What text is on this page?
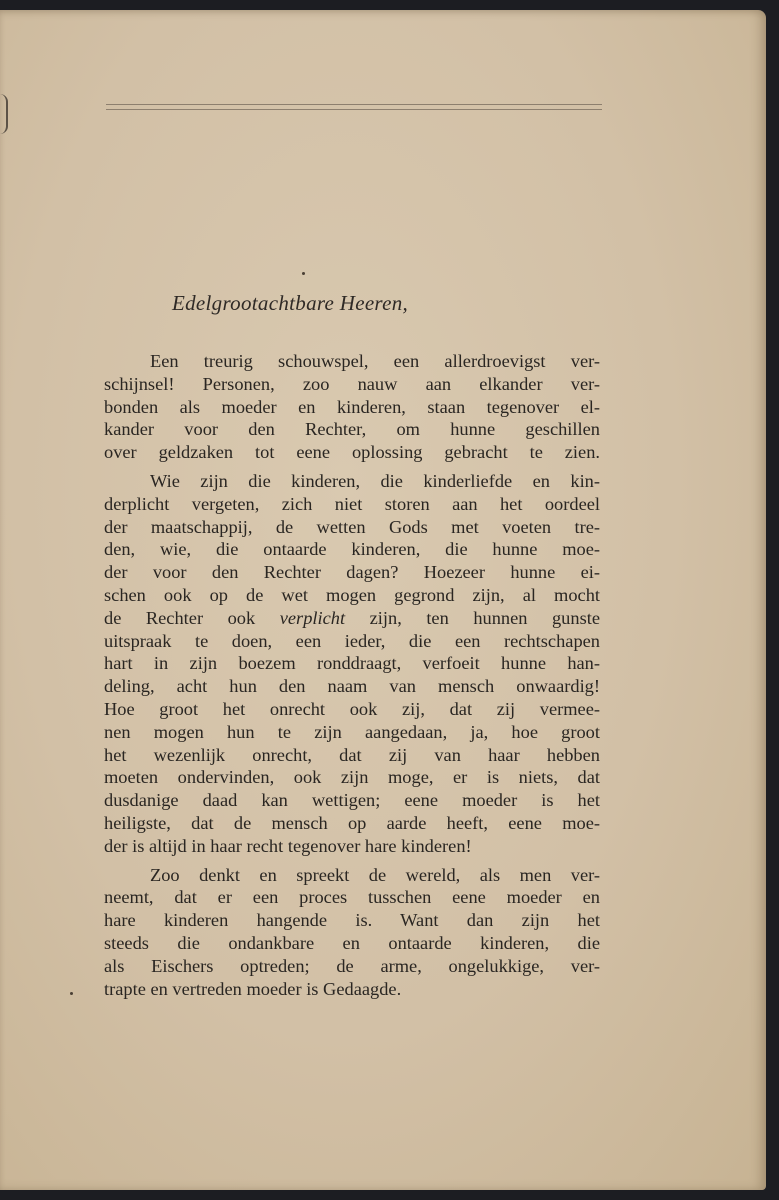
Edelgrootachtbare Heeren,
Een treurig schouwspel, een allerdroevigst ver-
schijnsel! Personen, zoo nauw aan elkander ver-
bonden als moeder en kinderen, staan tegenover el-
kander voor den Rechter, om hunne geschillen
over geldzaken tot eene oplossing gebracht te zien.
Wie zijn die kinderen, die kinderliefde en kin-
derplicht vergeten, zich niet storen aan het oordeel
der maatschappij, de wetten Gods met voeten tre-
den, wie, die ontaarde kinderen, die hunne moe-
der voor den Rechter dagen? Hoezeer hunne ei-
schen ook op de wet mogen gegrond zijn, al mocht
de Rechter ook verplicht zijn, ten hunnen gunste
uitspraak te doen, een ieder, die een rechtschapen
hart in zijn boezem ronddraagt, verfoeit hunne han-
deling, acht hun den naam van mensch onwaardig!
Hoe groot het onrecht ook zij, dat zij vermee-
nen mogen hun te zijn aangedaan, ja, hoe groot
het wezenlijk onrecht, dat zij van haar hebben
moeten ondervinden, ook zijn moge, er is niets, dat
dusdanige daad kan wettigen; eene moeder is het
heiligste, dat de mensch op aarde heeft, eene moe-
der is altijd in haar recht tegenover hare kinderen!
Zoo denkt en spreekt de wereld, als men ver-
neemt, dat er een proces tusschen eene moeder en
hare kinderen hangende is. Want dan zijn het
steeds die ondankbare en ontaarde kinderen, die
als Eischers optreden; de arme, ongelukkige, ver-
trapte en vertreden moeder is Gedaagde.
